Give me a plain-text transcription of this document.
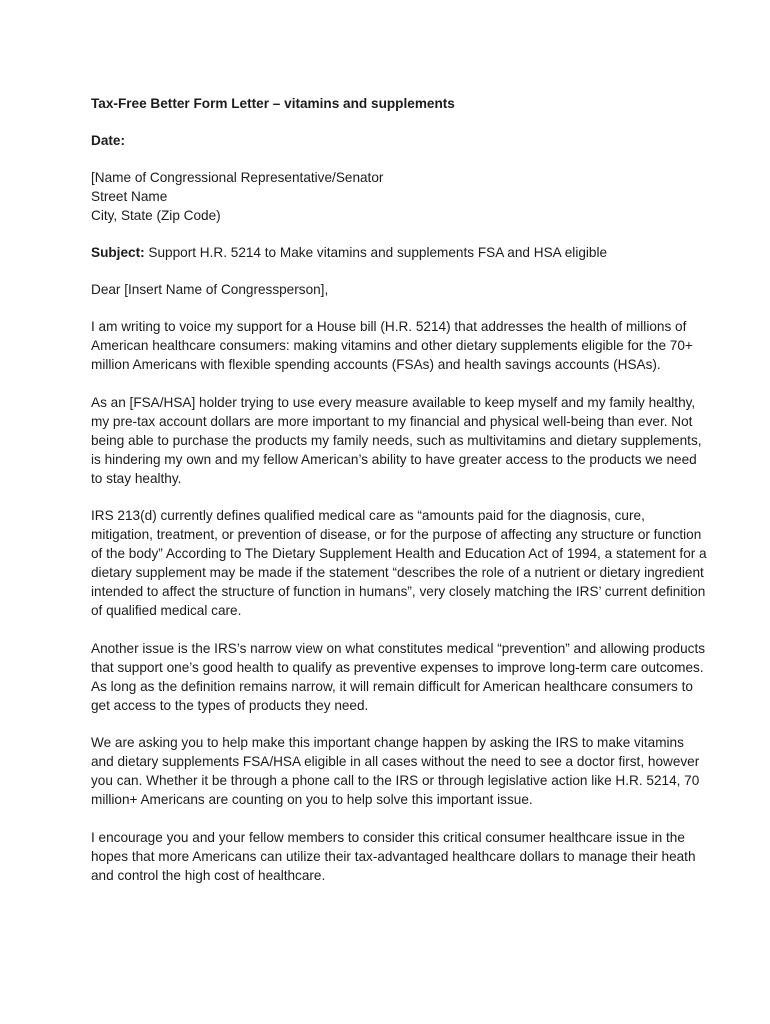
Tax-Free Better Form Letter – vitamins and supplements

Date:

[Name of Congressional Representative/Senator
Street Name
City, State (Zip Code)

Subject: Support H.R. 5214 to Make vitamins and supplements FSA and HSA eligible

Dear [Insert Name of Congressperson],

I am writing to voice my support for a House bill (H.R. 5214) that addresses the health of millions of American healthcare consumers: making vitamins and other dietary supplements eligible for the 70+ million Americans with flexible spending accounts (FSAs) and health savings accounts (HSAs).

As an [FSA/HSA] holder trying to use every measure available to keep myself and my family healthy, my pre-tax account dollars are more important to my financial and physical well-being than ever. Not being able to purchase the products my family needs, such as multivitamins and dietary supplements, is hindering my own and my fellow American’s ability to have greater access to the products we need to stay healthy.

IRS 213(d) currently defines qualified medical care as “amounts paid for the diagnosis, cure, mitigation, treatment, or prevention of disease, or for the purpose of affecting any structure or function of the body” According to The Dietary Supplement Health and Education Act of 1994, a statement for a dietary supplement may be made if the statement “describes the role of a nutrient or dietary ingredient intended to affect the structure of function in humans”, very closely matching the IRS’ current definition of qualified medical care.

Another issue is the IRS’s narrow view on what constitutes medical “prevention” and allowing products that support one’s good health to qualify as preventive expenses to improve long-term care outcomes. As long as the definition remains narrow, it will remain difficult for American healthcare consumers to get access to the types of products they need.

We are asking you to help make this important change happen by asking the IRS to make vitamins and dietary supplements FSA/HSA eligible in all cases without the need to see a doctor first, however you can. Whether it be through a phone call to the IRS or through legislative action like H.R. 5214, 70 million+ Americans are counting on you to help solve this important issue.

I encourage you and your fellow members to consider this critical consumer healthcare issue in the hopes that more Americans can utilize their tax-advantaged healthcare dollars to manage their heath and control the high cost of healthcare.
